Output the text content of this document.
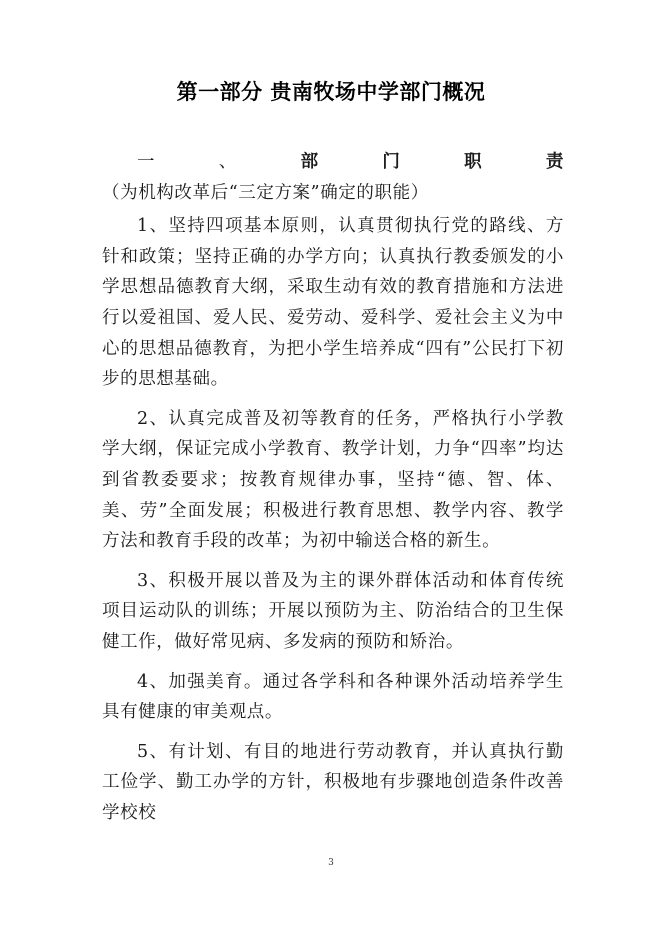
第一部分 贵南牧场中学部门概况

一、部门职责（为机构改革后“三定方案”确定的职能）

1、坚持四项基本原则，认真贯彻执行党的路线、方针和政策；坚持正确的办学方向；认真执行教委颁发的小学思想品德教育大纲，采取生动有效的教育措施和方法进行以爱祖国、爱人民、爱劳动、爱科学、爱社会主义为中心的思想品德教育，为把小学生培养成“四有”公民打下初步的思想基础。

2、认真完成普及初等教育的任务，严格执行小学教学大纲，保证完成小学教育、教学计划，力争“四率”均达到省教委要求；按教育规律办事，坚持“德、智、体、美、劳”全面发展；积极进行教育思想、教学内容、教学方法和教育手段的改革；为初中输送合格的新生。

3、积极开展以普及为主的课外群体活动和体育传统项目运动队的训练；开展以预防为主、防治结合的卫生保健工作，做好常见病、多发病的预防和矫治。

4、加强美育。通过各学科和各种课外活动培养学生具有健康的审美观点。

5、有计划、有目的地进行劳动教育，并认真执行勤工俭学、勤工办学的方针，积极地有步骤地创造条件改善学校校

3
